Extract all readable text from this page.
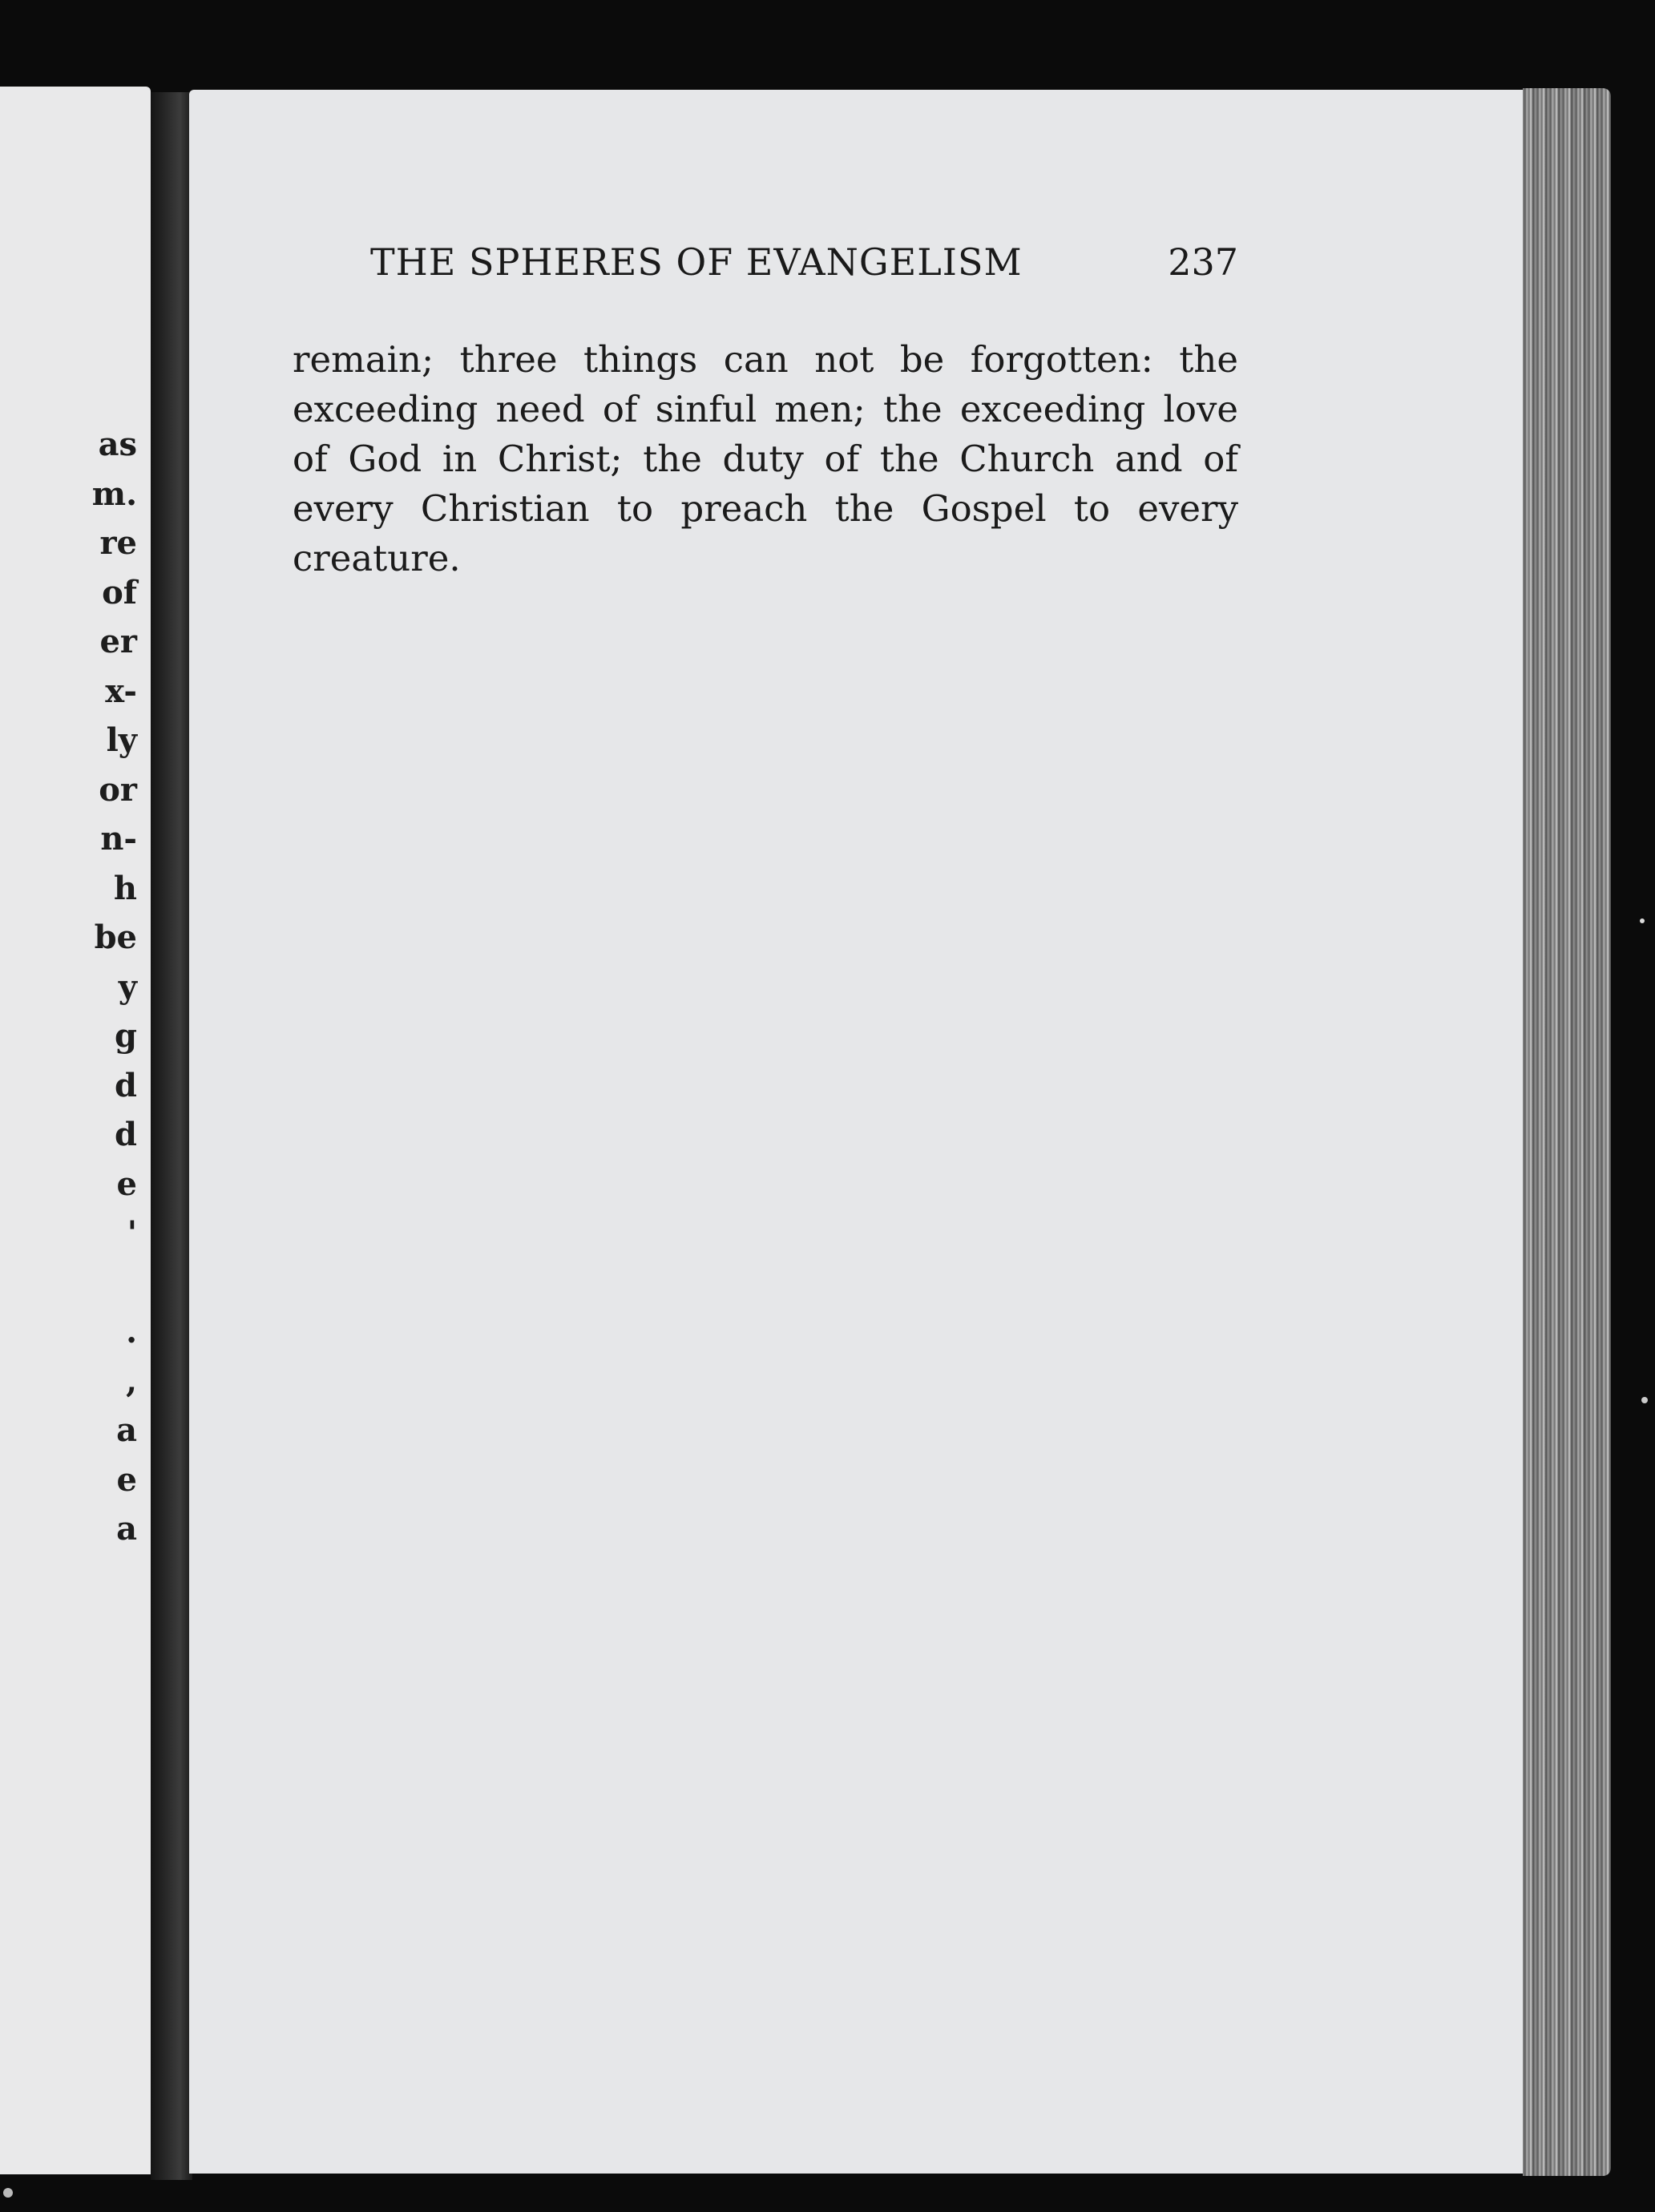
as
m.
re
of
er
x-
ly
or
n-
h
be
y
g
d
d
e
'
.
,
a
e
a
THE SPHERES OF EVANGELISM	237
remain; three things can not be forgotten: the
exceeding need of sinful men; the exceeding love
of God in Christ; the duty of the Church and of
every Christian to preach the Gospel to every
creature.
